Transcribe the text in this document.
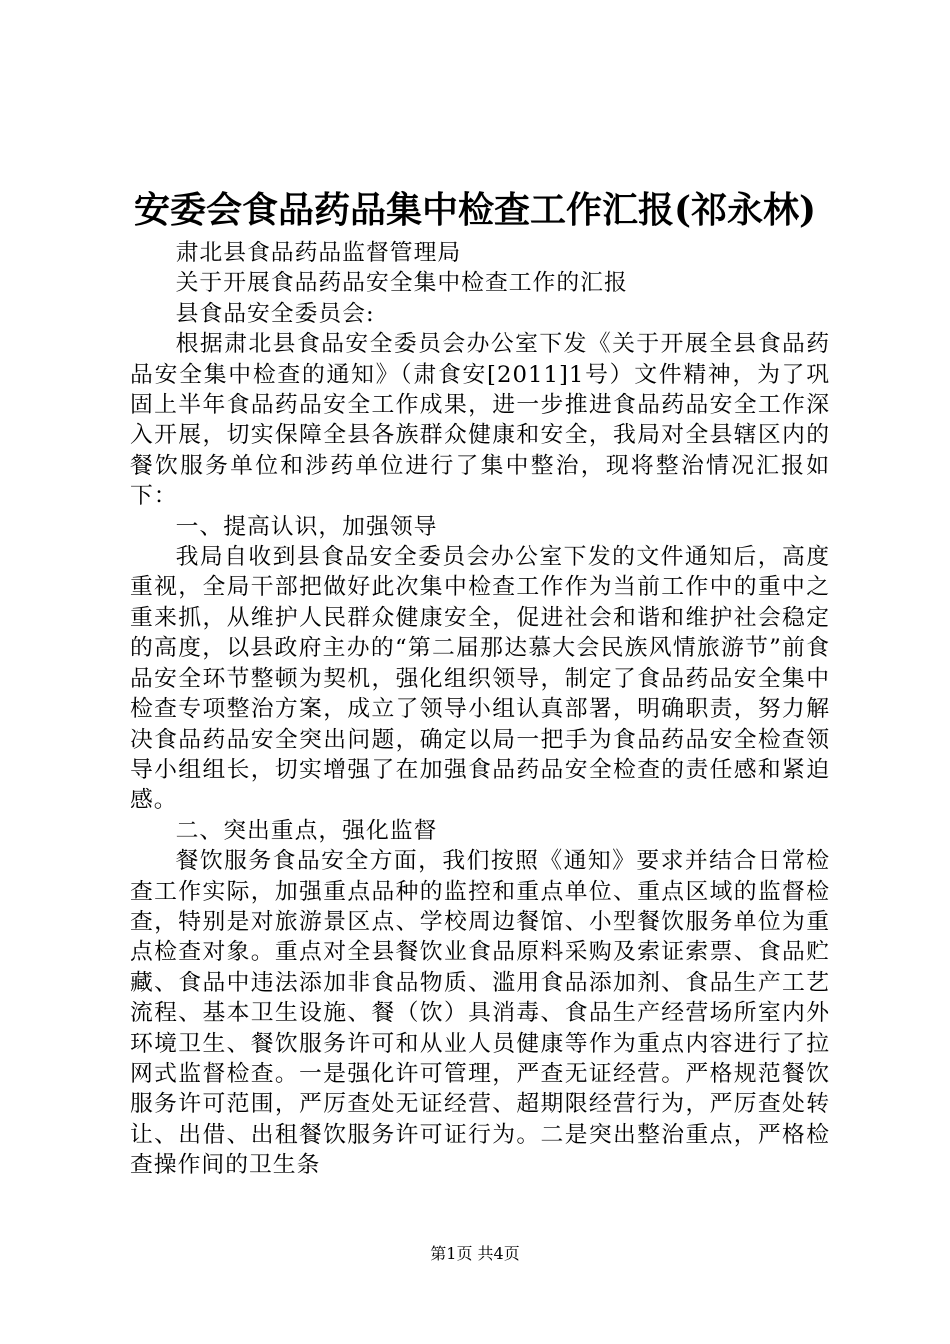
安委会食品药品集中检查工作汇报(祁永林)

肃北县食品药品监督管理局

关于开展食品药品安全集中检查工作的汇报

县食品安全委员会:

根据肃北县食品安全委员会办公室下发《关于开展全县食品药品安全集中检查的通知》（肃食安[2011]1号）文件精神，为了巩固上半年食品药品安全工作成果，进一步推进食品药品安全工作深入开展，切实保障全县各族群众健康和安全，我局对全县辖区内的餐饮服务单位和涉药单位进行了集中整治，现将整治情况汇报如下：

一、提高认识，加强领导

我局自收到县食品安全委员会办公室下发的文件通知后，高度重视，全局干部把做好此次集中检查工作作为当前工作中的重中之重来抓，从维护人民群众健康安全，促进社会和谐和维护社会稳定的高度，以县政府主办的“第二届那达慕大会民族风情旅游节”前食品安全环节整顿为契机，强化组织领导，制定了食品药品安全集中检查专项整治方案，成立了领导小组认真部署，明确职责，努力解决食品药品安全突出问题，确定以局一把手为食品药品安全检查领导小组组长，切实增强了在加强食品药品安全检查的责任感和紧迫感。

二、突出重点，强化监督

餐饮服务食品安全方面，我们按照《通知》要求并结合日常检查工作实际，加强重点品种的监控和重点单位、重点区域的监督检查，特别是对旅游景区点、学校周边餐馆、小型餐饮服务单位为重点检查对象。重点对全县餐饮业食品原料采购及索证索票、食品贮藏、食品中违法添加非食品物质、滥用食品添加剂、食品生产工艺流程、基本卫生设施、餐（饮）具消毒、食品生产经营场所室内外环境卫生、餐饮服务许可和从业人员健康等作为重点内容进行了拉网式监督检查。一是强化许可管理，严查无证经营。严格规范餐饮服务许可范围，严厉查处无证经营、超期限经营行为，严厉查处转让、出借、出租餐饮服务许可证行为。二是突出整治重点，严格检查操作间的卫生条

第1页 共4页
